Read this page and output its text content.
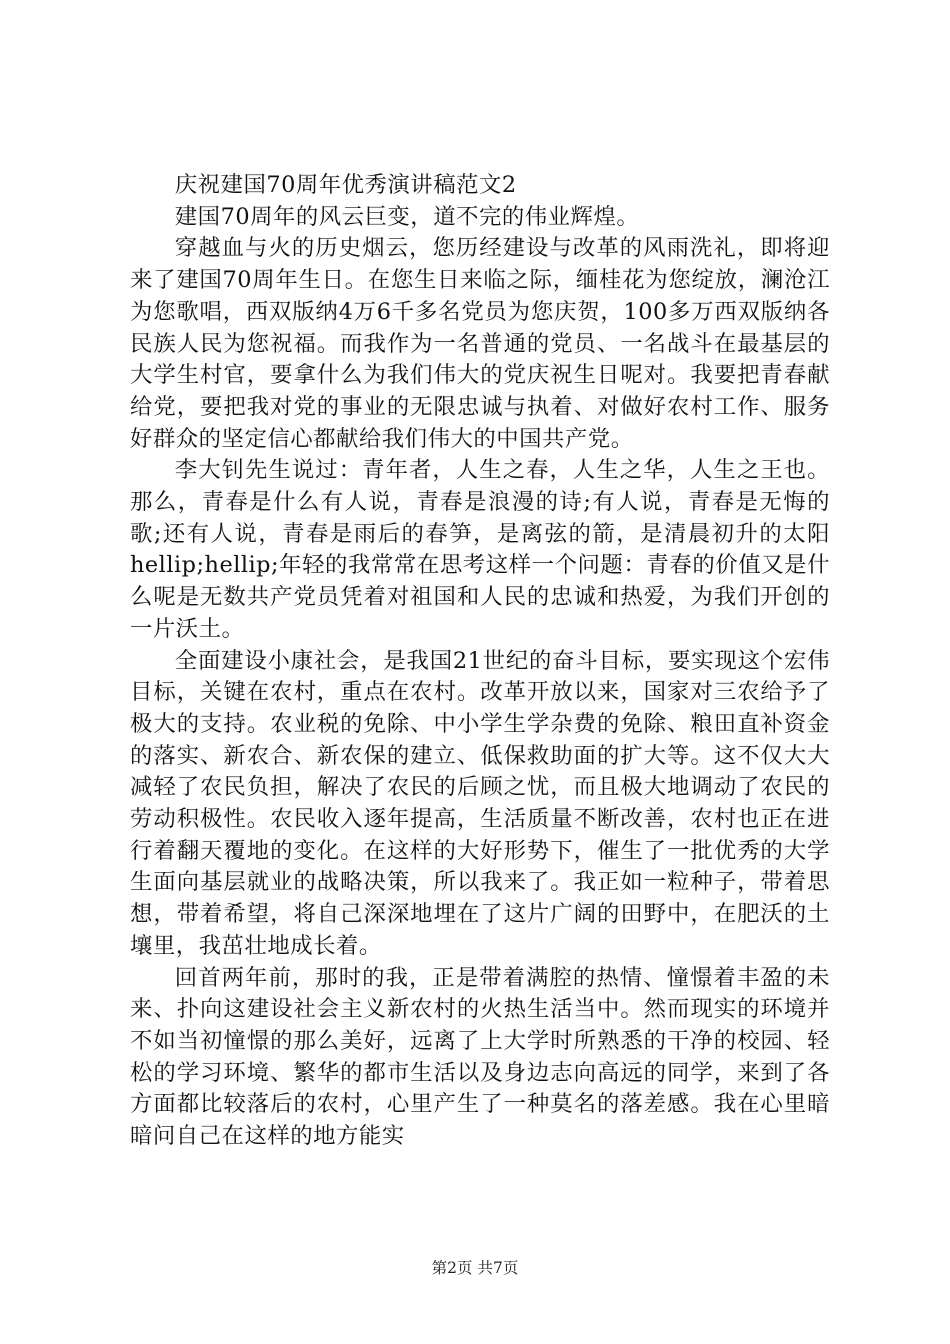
庆祝建国70周年优秀演讲稿范文2

建国70周年的风云巨变，道不完的伟业辉煌。

穿越血与火的历史烟云，您历经建设与改革的风雨洗礼，即将迎来了建国70周年生日。在您生日来临之际，缅桂花为您绽放，澜沧江为您歌唱，西双版纳4万6千多名党员为您庆贺，100多万西双版纳各民族人民为您祝福。而我作为一名普通的党员、一名战斗在最基层的大学生村官，要拿什么为我们伟大的党庆祝生日呢对。我要把青春献给党，要把我对党的事业的无限忠诚与执着、对做好农村工作、服务好群众的坚定信心都献给我们伟大的中国共产党。

李大钊先生说过：青年者，人生之春，人生之华，人生之王也。那么，青春是什么有人说，青春是浪漫的诗;有人说，青春是无悔的歌;还有人说，青春是雨后的春笋，是离弦的箭，是清晨初升的太阳hellip;hellip;年轻的我常常在思考这样一个问题：青春的价值又是什么呢是无数共产党员凭着对祖国和人民的忠诚和热爱，为我们开创的一片沃土。

全面建设小康社会，是我国21世纪的奋斗目标，要实现这个宏伟目标，关键在农村，重点在农村。改革开放以来，国家对三农给予了极大的支持。农业税的免除、中小学生学杂费的免除、粮田直补资金的落实、新农合、新农保的建立、低保救助面的扩大等。这不仅大大减轻了农民负担，解决了农民的后顾之忧，而且极大地调动了农民的劳动积极性。农民收入逐年提高，生活质量不断改善，农村也正在进行着翻天覆地的变化。在这样的大好形势下，催生了一批优秀的大学生面向基层就业的战略决策，所以我来了。我正如一粒种子，带着思想，带着希望，将自己深深地埋在了这片广阔的田野中，在肥沃的土壤里，我茁壮地成长着。

回首两年前，那时的我，正是带着满腔的热情、憧憬着丰盈的未来、扑向这建设社会主义新农村的火热生活当中。然而现实的环境并不如当初憧憬的那么美好，远离了上大学时所熟悉的干净的校园、轻松的学习环境、繁华的都市生活以及身边志向高远的同学，来到了各方面都比较落后的农村，心里产生了一种莫名的落差感。我在心里暗暗问自己在这样的地方能实

第2页 共7页
